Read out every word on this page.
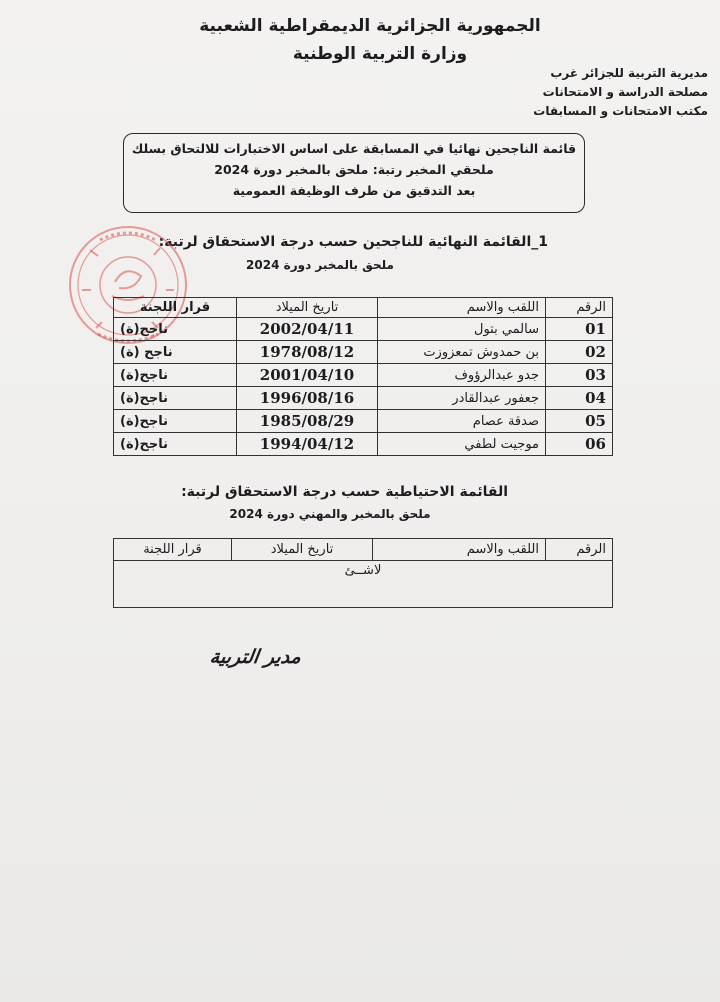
الجمهورية الجزائرية الديمقراطية الشعبية
وزارة التربية الوطنية
مديرية التربية للجزائر غرب
مصلحة الدراسة و الامتحانات
مكتب الامتحانات و المسابقات
قائمة الناجحين نهائيا في المسابقة على اساس الاختبارات للالتحاق بسلك
ملحقي المخبر رتبة: ملحق بالمخبر دورة 2024
بعد التدقيق من طرف الوظيفة العمومية
1_القائمة النهائية للناجحين حسب درجة الاستحقاق لرتبة:
ملحق بالمخبر دورة 2024
الرقم	اللقب والاسم	تاريخ الميلاد	قرار اللجنة
01	سالمي بتول	2002/04/11	ناجح(ة)
02	بن حمدوش تمعزوزت	1978/08/12	ناجح (ة)
03	جدو عبدالرؤوف	2001/04/10	ناجح(ة)
04	جعفور عبدالقادر	1996/08/16	ناجح(ة)
05	صدقة عصام	1985/08/29	ناجح(ة)
06	موجيت لطفي	1994/04/12	ناجح(ة)
القائمة الاحتياطية حسب درجة الاستحقاق لرتبة:
ملحق بالمخبر والمهني دورة 2024
الرقم	اللقب والاسم	تاريخ الميلاد	قرار اللجنة
لاشــئ
مدير التربية
